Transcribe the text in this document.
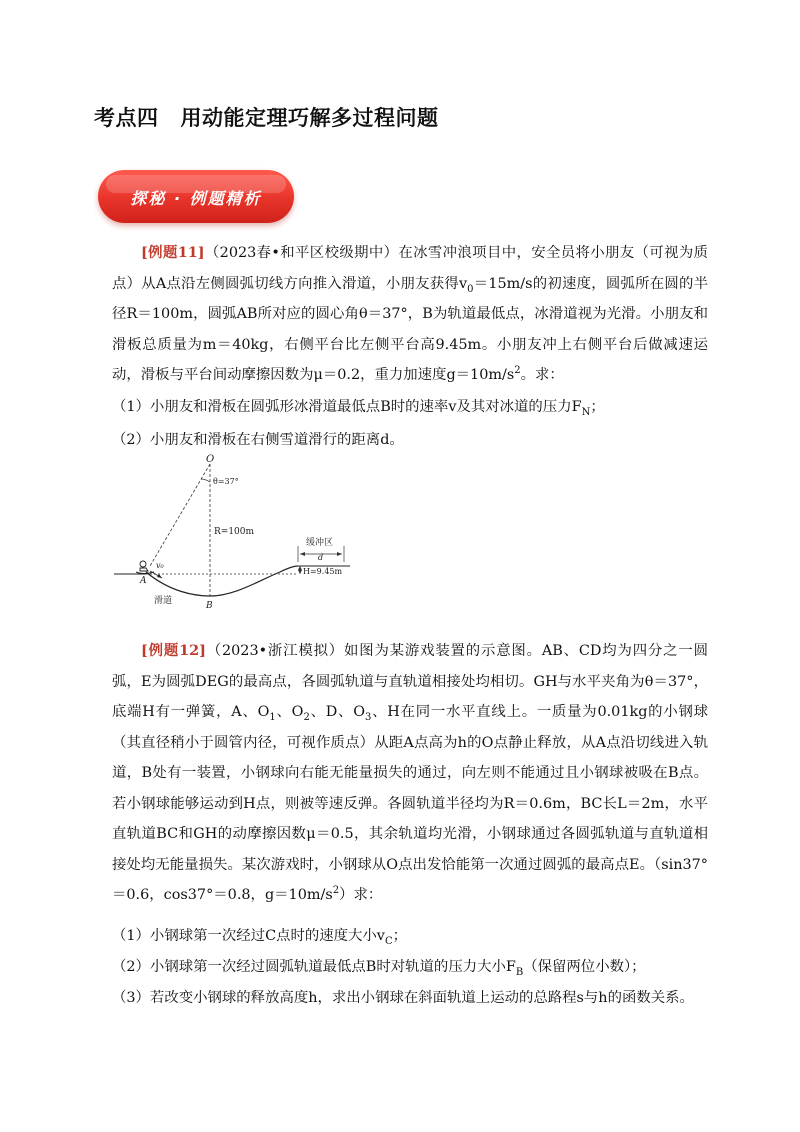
考点四 用动能定理巧解多过程问题
探秘 · 例题精析
[例题11]（2023春•和平区校级期中）在冰雪冲浪项目中，安全员将小朋友（可视为质点）从A点沿左侧圆弧切线方向推入滑道，小朋友获得$v_0=15m/s$的初速度，圆弧所在圆的半径R＝100m，圆弧AB所对应的圆心角θ＝37°，B为轨道最低点，冰滑道视为光滑。小朋友和滑板总质量为m＝40kg，右侧平台比左侧平台高9.45m。小朋友冲上右侧平台后做减速运动，滑板与平台间动摩擦因数为μ＝0.2，重力加速度$g=10m/s^2$。求：
（1）小朋友和滑板在圆弧形冰滑道最低点B时的速率v及其对冰道的压力$F_N$；
（2）小朋友和滑板在右侧雪道滑行的距离d。
O
θ=37°
R=100m
缓冲区
d
H=9.45m
v₀
A
B
滑道
[例题12]（2023•浙江模拟）如图为某游戏装置的示意图。AB、CD均为四分之一圆弧，E为圆弧DEG的最高点，各圆弧轨道与直轨道相接处均相切。GH与水平夹角为θ＝37°，底端H有一弹簧，A、$O_1$、$O_2$、D、$O_3$、H在同一水平直线上。一质量为0.01kg的小钢球（其直径稍小于圆管内径，可视作质点）从距A点高为h的O点静止释放，从A点沿切线进入轨道，B处有一装置，小钢球向右能无能量损失的通过，向左则不能通过且小钢球被吸在B点。若小钢球能够运动到H点，则被等速反弹。各圆轨道半径均为R＝0.6m，BC长L＝2m，水平直轨道BC和GH的动摩擦因数μ＝0.5，其余轨道均光滑，小钢球通过各圆弧轨道与直轨道相接处均无能量损失。某次游戏时，小钢球从O点出发恰能第一次通过圆弧的最高点E。（sin37°＝0.6，cos37°＝0.8，$g=10m/s^2$）求：
（1）小钢球第一次经过C点时的速度大小$v_C$；
（2）小钢球第一次经过圆弧轨道最低点B时对轨道的压力大小$F_B$（保留两位小数）；
（3）若改变小钢球的释放高度h，求出小钢球在斜面轨道上运动的总路程s与h的函数关系。
